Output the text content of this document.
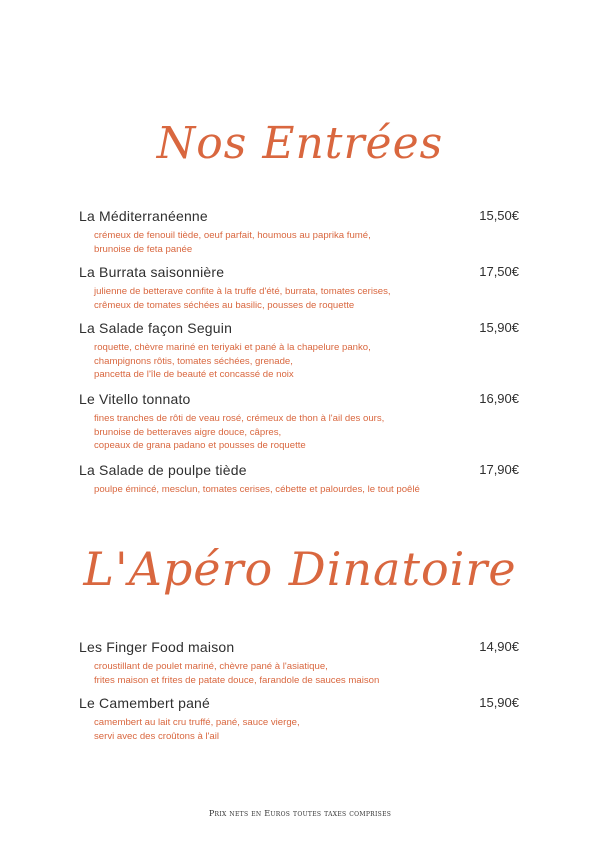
Nos Entrées
La Méditerranéenne	15,50€
crémeux de fenouil tiède, oeuf parfait, houmous au paprika fumé,
brunoise de feta panée
La Burrata saisonnière	17,50€
julienne de betterave confite à la truffe d'été, burrata, tomates cerises,
crêmeux de tomates séchées au basilic, pousses de roquette
La Salade façon Seguin	15,90€
roquette, chèvre mariné en teriyaki et pané à la chapelure panko,
champignons rôtis, tomates séchées, grenade,
pancetta de l'île de beauté et concassé de noix
Le Vitello tonnato	16,90€
fines tranches de rôti de veau rosé, crémeux de thon à l'ail des ours,
brunoise de betteraves aigre douce, câpres,
copeaux de grana padano et pousses de roquette
La Salade de poulpe tiède	17,90€
poulpe émincé, mesclun, tomates cerises, cébette et palourdes, le tout poêlé
L'Apéro Dinatoire
Les Finger Food maison	14,90€
croustillant de poulet mariné, chèvre pané à l'asiatique,
frites maison et frites de patate douce, farandole de sauces maison
Le Camembert pané	15,90€
camembert au lait cru truffé, pané, sauce vierge,
servi avec des croûtons à l'ail
Prix nets en Euros toutes taxes comprises
